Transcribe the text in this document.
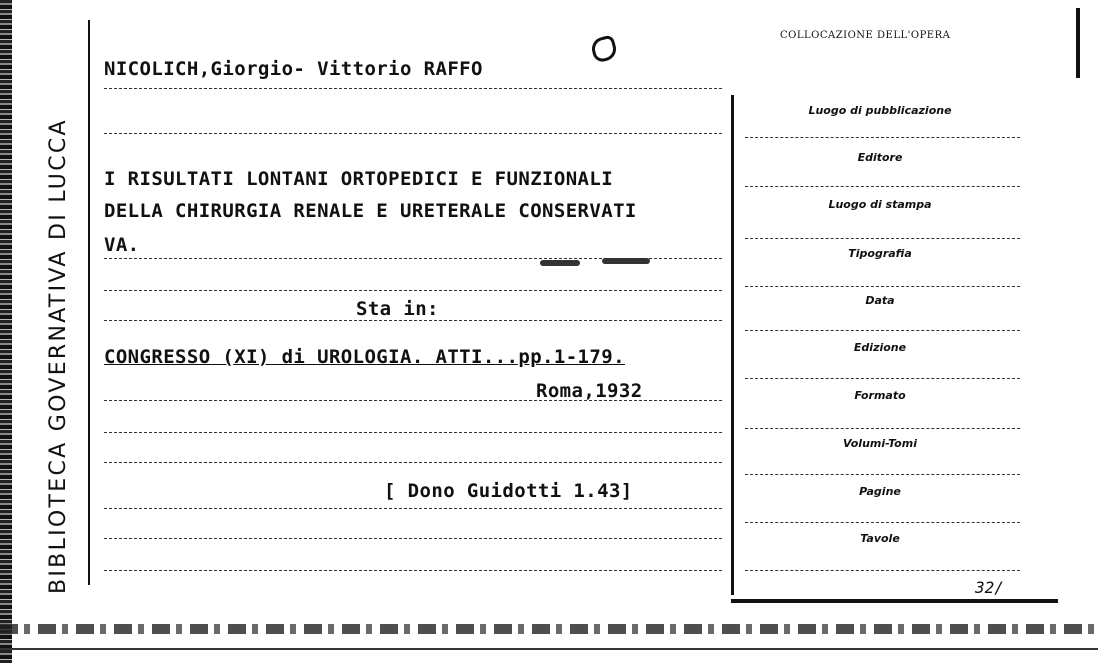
BIBLIOTECA GOVERNATIVA DI LUCCA
COLLOCAZIONE DELL'OPERA
NICOLICH,Giorgio- Vittorio RAFFO
I RISULTATI LONTANI ORTOPEDICI E FUNZIONALI
DELLA CHIRURGIA RENALE E URETERALE CONSERVATI
VA.
Sta in:
CONGRESSO (XI) di UROLOGIA. ATTI...pp.1-179.
Roma,1932
[ Dono Guidotti 1.43]
Luogo di pubblicazione
Editore
Luogo di stampa
Tipografia
Data
Edizione
Formato
Volumi-Tomi
Pagine
Tavole
32/
